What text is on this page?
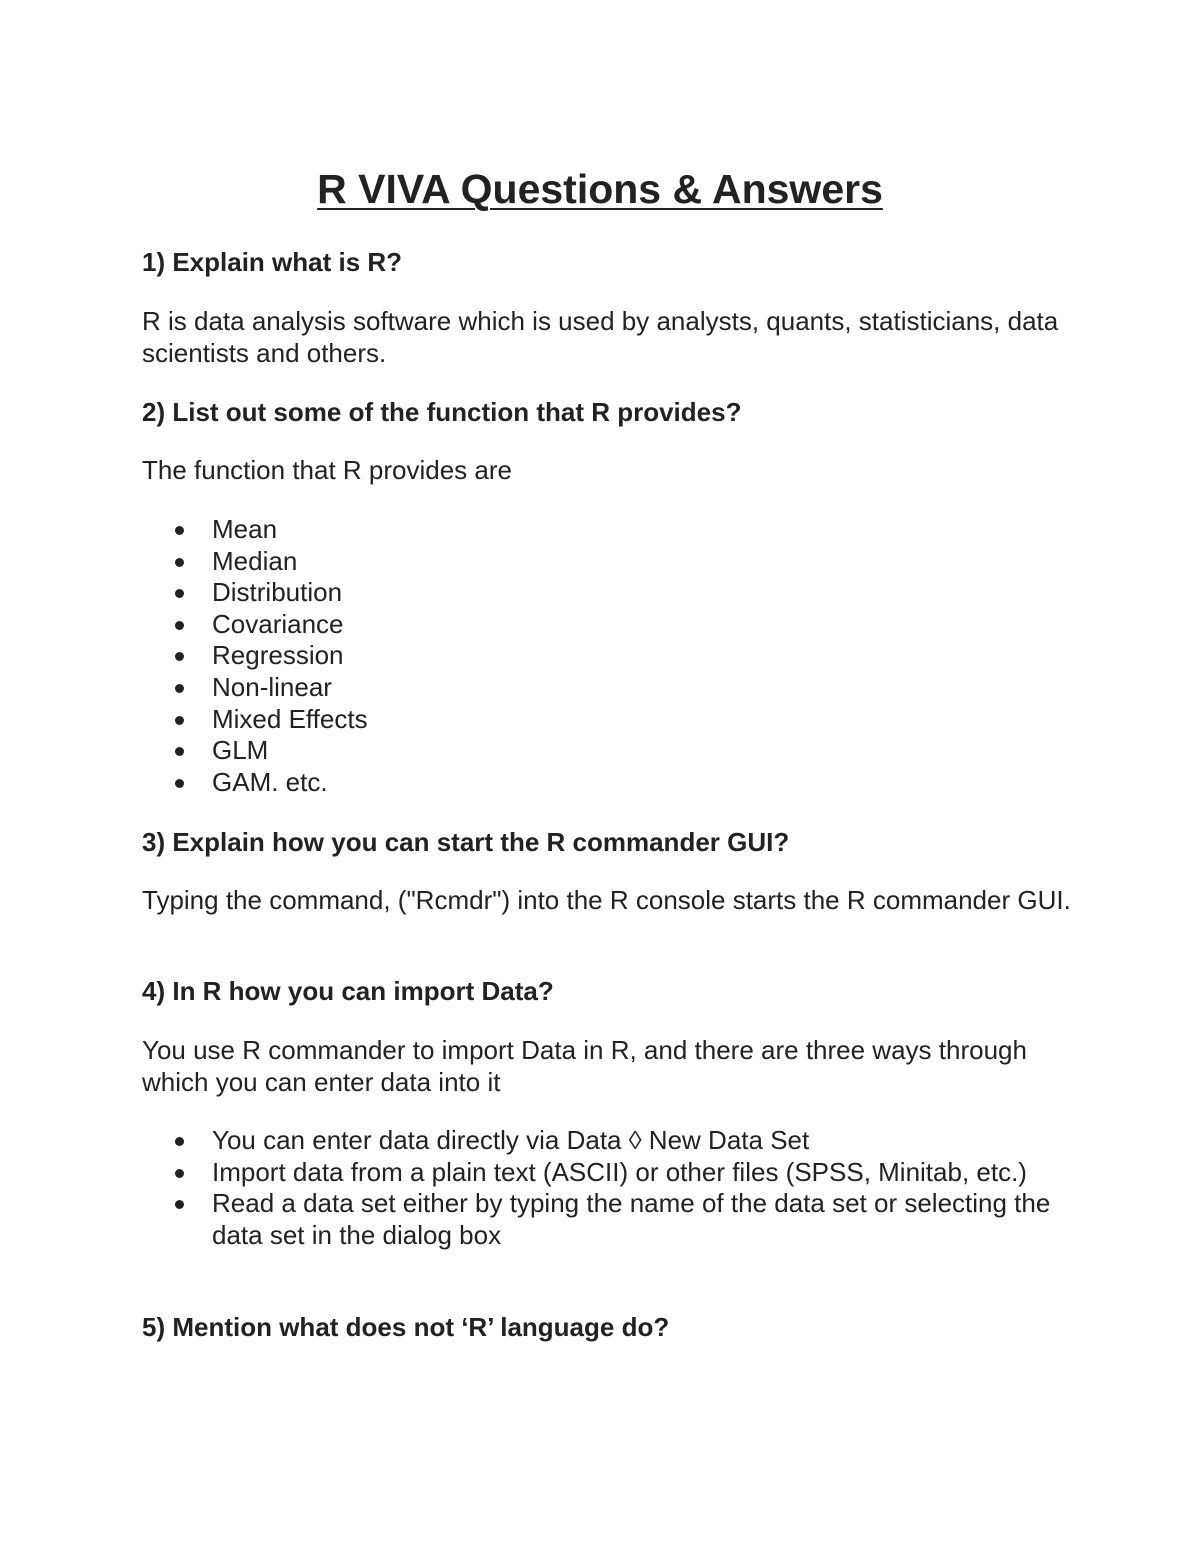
R VIVA Questions & Answers

1) Explain what is R?

R is data analysis software which is used by analysts, quants, statisticians, data scientists and others.

2) List out some of the function that R provides?

The function that R provides are

Mean
Median
Distribution
Covariance
Regression
Non-linear
Mixed Effects
GLM
GAM. etc.

3) Explain how you can start the R commander GUI?

Typing the command, ("Rcmdr") into the R console starts the R commander GUI.

4) In R how you can import Data?

You use R commander to import Data in R, and there are three ways through which you can enter data into it

You can enter data directly via Data ◊ New Data Set
Import data from a plain text (ASCII) or other files (SPSS, Minitab, etc.)
Read a data set either by typing the name of the data set or selecting the data set in the dialog box

5) Mention what does not ‘R’ language do?
